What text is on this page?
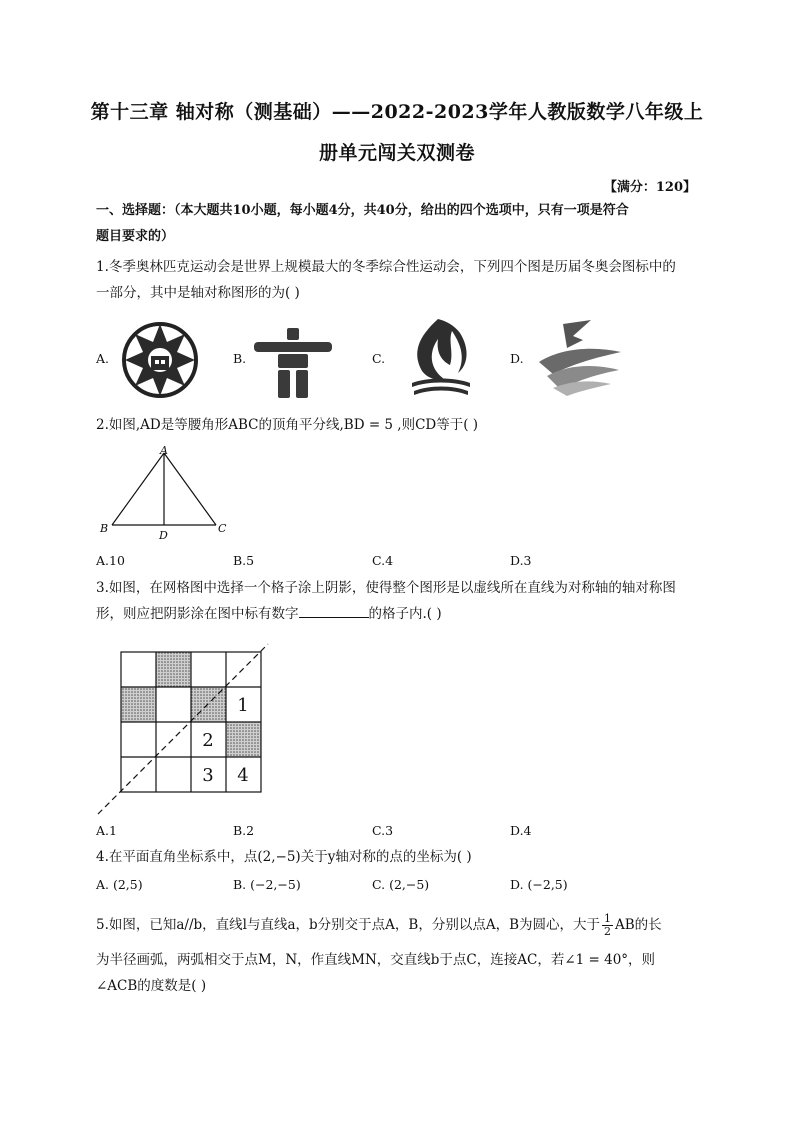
第十三章 轴对称（测基础）——2022-2023学年人教版数学八年级上
册单元闯关双测卷
【满分：120】
一、选择题：（本大题共10小题，每小题4分，共40分，给出的四个选项中，只有一项是符合
题目要求的）
1.冬季奥林匹克运动会是世界上规模最大的冬季综合性运动会，下列四个图是历届冬奥会图标中的
一部分，其中是轴对称图形的为( )
A.	B.	C.	D.
2.如图,AD是等腰角形ABC的顶角平分线,BD = 5 ,则CD等于( )
A
B	C
D
A.10	B.5	C.4	D.3
3.如图，在网格图中选择一个格子涂上阴影，使得整个图形是以虚线所在直线为对称轴的轴对称图
形，则应把阴影涂在图中标有数字	的格子内.( )
1
2
3 4
A.1	B.2	C.3	D.4
4.在平面直角坐标系中，点(2,−5)关于y轴对称的点的坐标为( )
A. (2,5)	B. (−2,−5)	C. (2,−5)	D. (−2,5)
5.如图，已知a//b，直线l与直线a，b分别交于点A，B，分别以点A，B为圆心，大于 $\frac{1}{2}$ AB的长
为半径画弧，两弧相交于点M，N，作直线MN，交直线b于点C，连接AC，若∠1 = 40°，则
∠ACB的度数是( )
